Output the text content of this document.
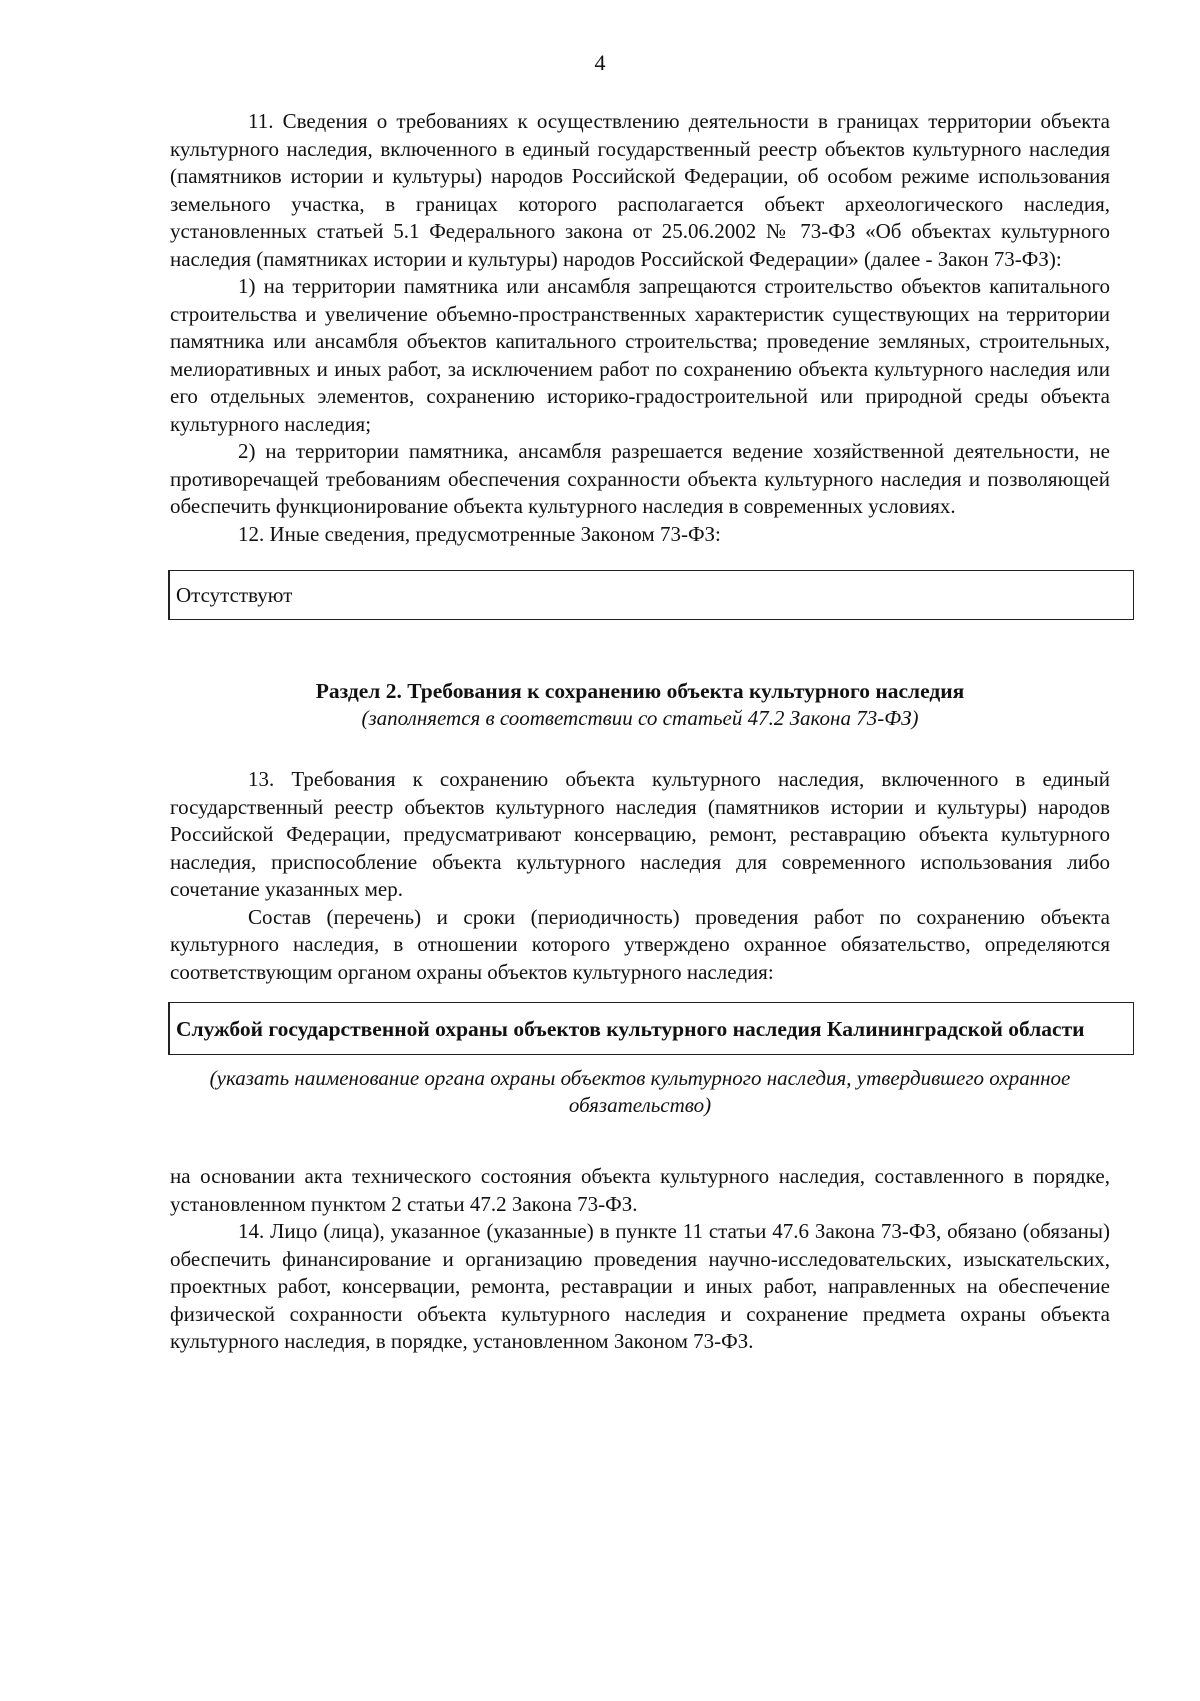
4

11. Сведения о требованиях к осуществлению деятельности в границах территории объекта культурного наследия, включенного в единый государственный реестр объектов культурного наследия (памятников истории и культуры) народов Российской Федерации, об особом режиме использования земельного участка, в границах которого располагается объект археологического наследия, установленных статьей 5.1 Федерального закона от 25.06.2002 № 73-ФЗ «Об объектах культурного наследия (памятниках истории и культуры) народов Российской Федерации» (далее - Закон 73-ФЗ):

1) на территории памятника или ансамбля запрещаются строительство объектов капитального строительства и увеличение объемно-пространственных характеристик существующих на территории памятника или ансамбля объектов капитального строительства; проведение земляных, строительных, мелиоративных и иных работ, за исключением работ по сохранению объекта культурного наследия или его отдельных элементов, сохранению историко-градостроительной или природной среды объекта культурного наследия;

2) на территории памятника, ансамбля разрешается ведение хозяйственной деятельности, не противоречащей требованиям обеспечения сохранности объекта культурного наследия и позволяющей обеспечить функционирование объекта культурного наследия в современных условиях.

12. Иные сведения, предусмотренные Законом 73-ФЗ:

Отсутствуют
Раздел 2. Требования к сохранению объекта культурного наследия
(заполняется в соответствии со статьей 47.2 Закона 73-ФЗ)

13. Требования к сохранению объекта культурного наследия, включенного в единый государственный реестр объектов культурного наследия (памятников истории и культуры) народов Российской Федерации, предусматривают консервацию, ремонт, реставрацию объекта культурного наследия, приспособление объекта культурного наследия для современного использования либо сочетание указанных мер.

Состав (перечень) и сроки (периодичность) проведения работ по сохранению объекта культурного наследия, в отношении которого утверждено охранное обязательство, определяются соответствующим органом охраны объектов культурного наследия:

Службой государственной охраны объектов культурного наследия Калининградской области
(указать наименование органа охраны объектов культурного наследия, утвердившего охранное обязательство)

на основании акта технического состояния объекта культурного наследия, составленного в порядке, установленном пунктом 2 статьи 47.2 Закона 73-ФЗ.

14. Лицо (лица), указанное (указанные) в пункте 11 статьи 47.6 Закона 73-ФЗ, обязано (обязаны) обеспечить финансирование и организацию проведения научно-исследовательских, изыскательских, проектных работ, консервации, ремонта, реставрации и иных работ, направленных на обеспечение физической сохранности объекта культурного наследия и сохранение предмета охраны объекта культурного наследия, в порядке, установленном Законом 73-ФЗ.
